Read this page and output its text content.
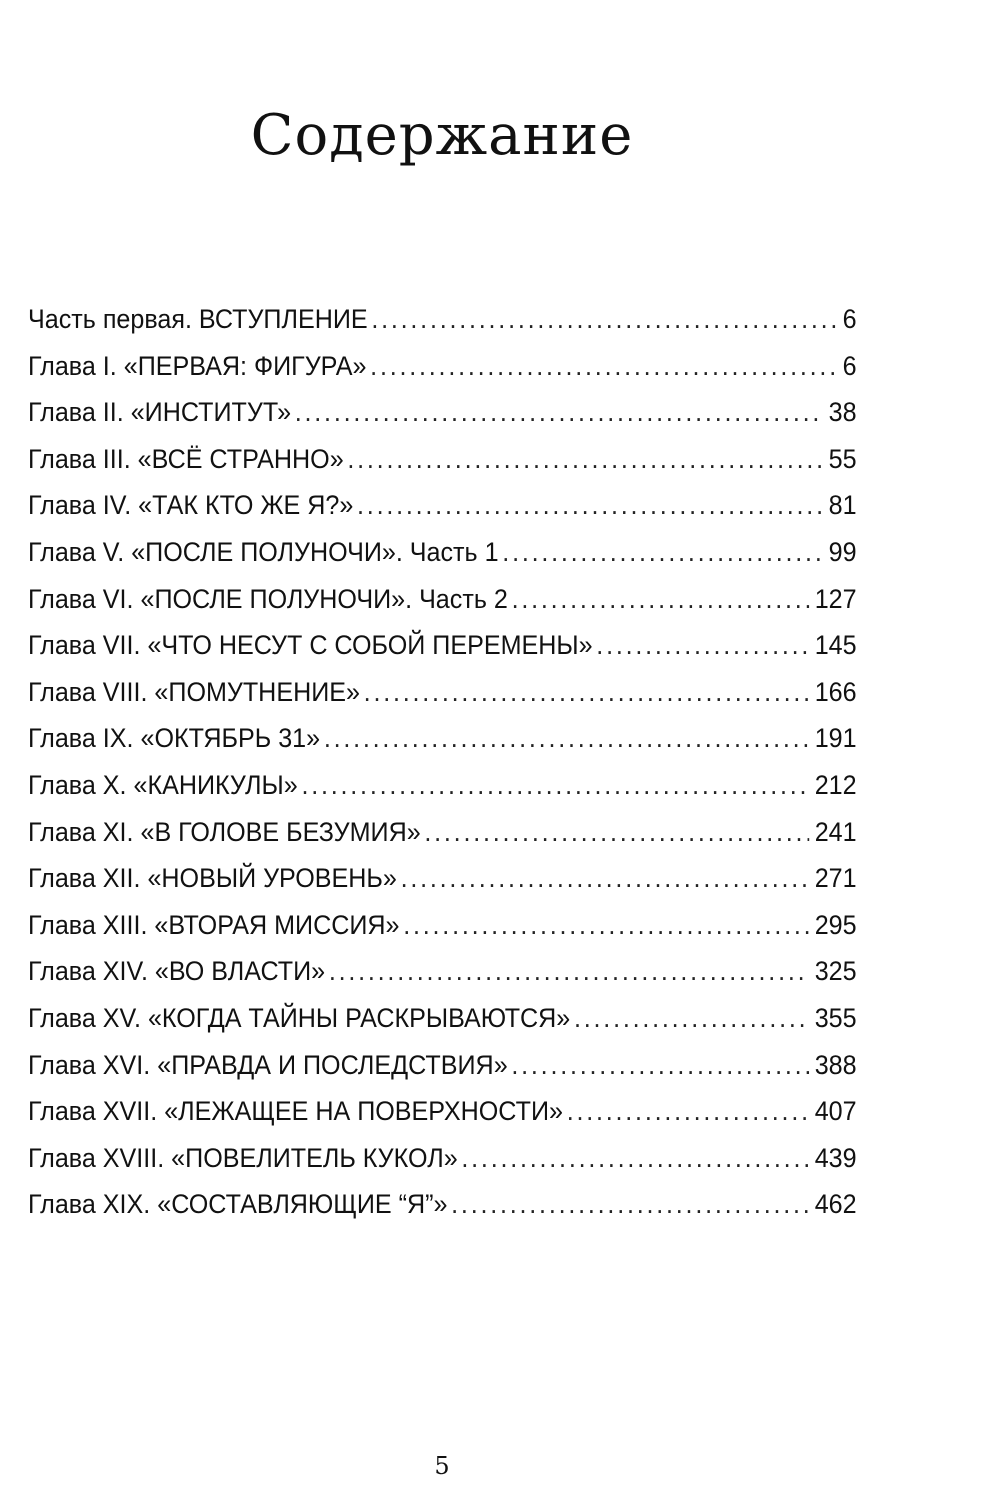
Содержание
Часть первая. ВСТУПЛЕНИЕ .....	6
Глава I. «ПЕРВАЯ: ФИГУРА» .....	6
Глава II. «ИНСТИТУТ» .....	38
Глава III. «ВСЁ СТРАННО» .....	55
Глава IV. «ТАК КТО ЖЕ Я?» .....	81
Глава V. «ПОСЛЕ ПОЛУНОЧИ». Часть 1 .....	99
Глава VI. «ПОСЛЕ ПОЛУНОЧИ». Часть 2 .....	127
Глава VII. «ЧТО НЕСУТ С СОБОЙ ПЕРЕМЕНЫ» .....	145
Глава VIII. «ПОМУТНЕНИЕ» .....	166
Глава IX. «ОКТЯБРЬ 31» .....	191
Глава X. «КАНИКУЛЫ» .....	212
Глава XI. «В ГОЛОВЕ БЕЗУМИЯ» .....	241
Глава XII. «НОВЫЙ УРОВЕНЬ» .....	271
Глава XIII. «ВТОРАЯ МИССИЯ» .....	295
Глава XIV. «ВО ВЛАСТИ» .....	325
Глава XV. «КОГДА ТАЙНЫ РАСКРЫВАЮТСЯ» .....	355
Глава XVI. «ПРАВДА И ПОСЛЕДСТВИЯ» .....	388
Глава XVII. «ЛЕЖАЩЕЕ НА ПОВЕРХНОСТИ» .....	407
Глава XVIII. «ПОВЕЛИТЕЛЬ КУКОЛ» .....	439
Глава XIX. «СОСТАВЛЯЮЩИЕ “Я”» .....	462

5
